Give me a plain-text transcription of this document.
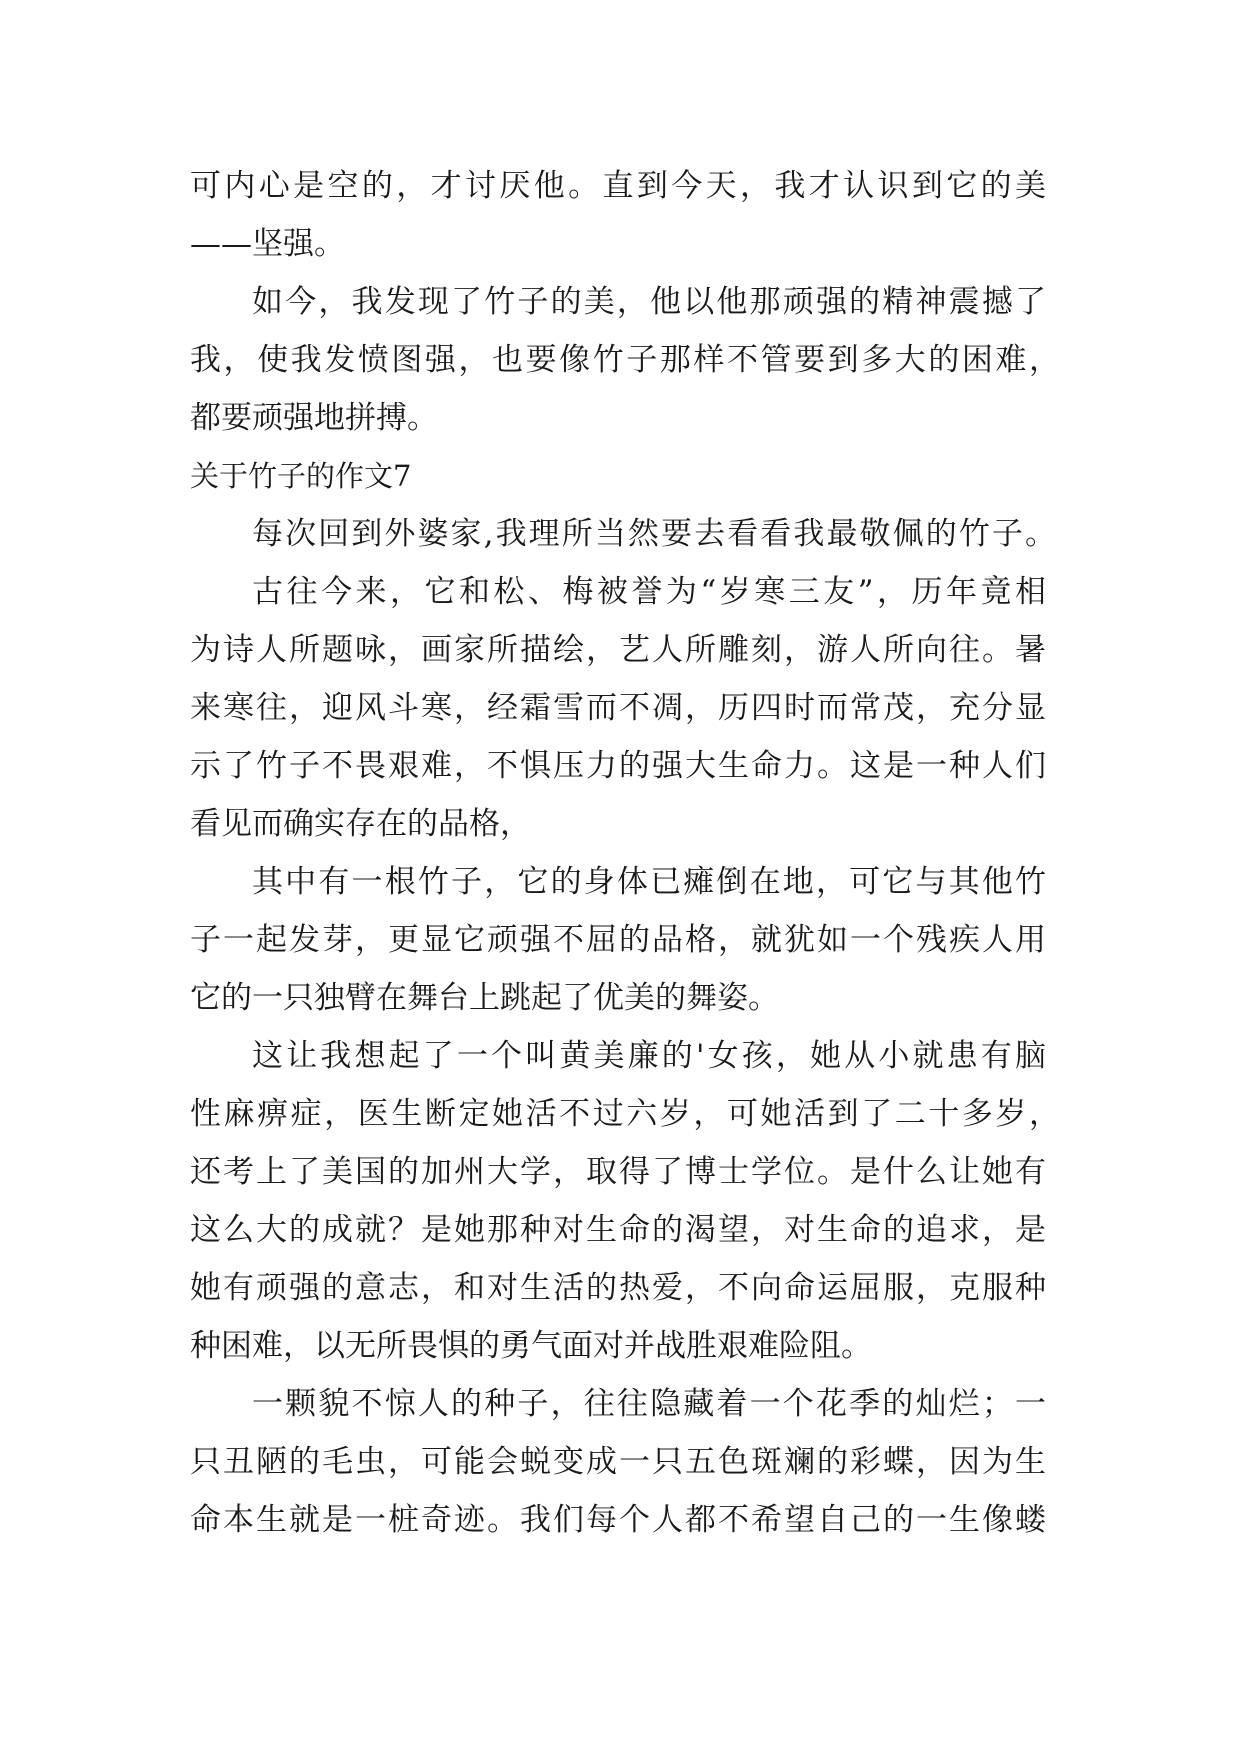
可内心是空的，才讨厌他。直到今天，我才认识到它的美
——坚强。
如今，我发现了竹子的美，他以他那顽强的精神震撼了
我，使我发愤图强，也要像竹子那样不管要到多大的困难，
都要顽强地拼搏。
关于竹子的作文7
每次回到外婆家,我理所当然要去看看我最敬佩的竹子。
古往今来，它和松、梅被誉为“岁寒三友”，历年竟相
为诗人所题咏，画家所描绘，艺人所雕刻，游人所向往。暑
来寒往，迎风斗寒，经霜雪而不凋，历四时而常茂，充分显
示了竹子不畏艰难，不惧压力的强大生命力。这是一种人们
看见而确实存在的品格，
其中有一根竹子，它的身体已瘫倒在地，可它与其他竹
子一起发芽，更显它顽强不屈的品格，就犹如一个残疾人用
它的一只独臂在舞台上跳起了优美的舞姿。
这让我想起了一个叫黄美廉的'女孩，她从小就患有脑
性麻痹症，医生断定她活不过六岁，可她活到了二十多岁，
还考上了美国的加州大学，取得了博士学位。是什么让她有
这么大的成就？是她那种对生命的渴望，对生命的追求，是
她有顽强的意志，和对生活的热爱，不向命运屈服，克服种
种困难，以无所畏惧的勇气面对并战胜艰难险阻。
一颗貌不惊人的种子，往往隐藏着一个花季的灿烂；一
只丑陋的毛虫，可能会蜕变成一只五色斑斓的彩蝶，因为生
命本生就是一桩奇迹。我们每个人都不希望自己的一生像蝼
